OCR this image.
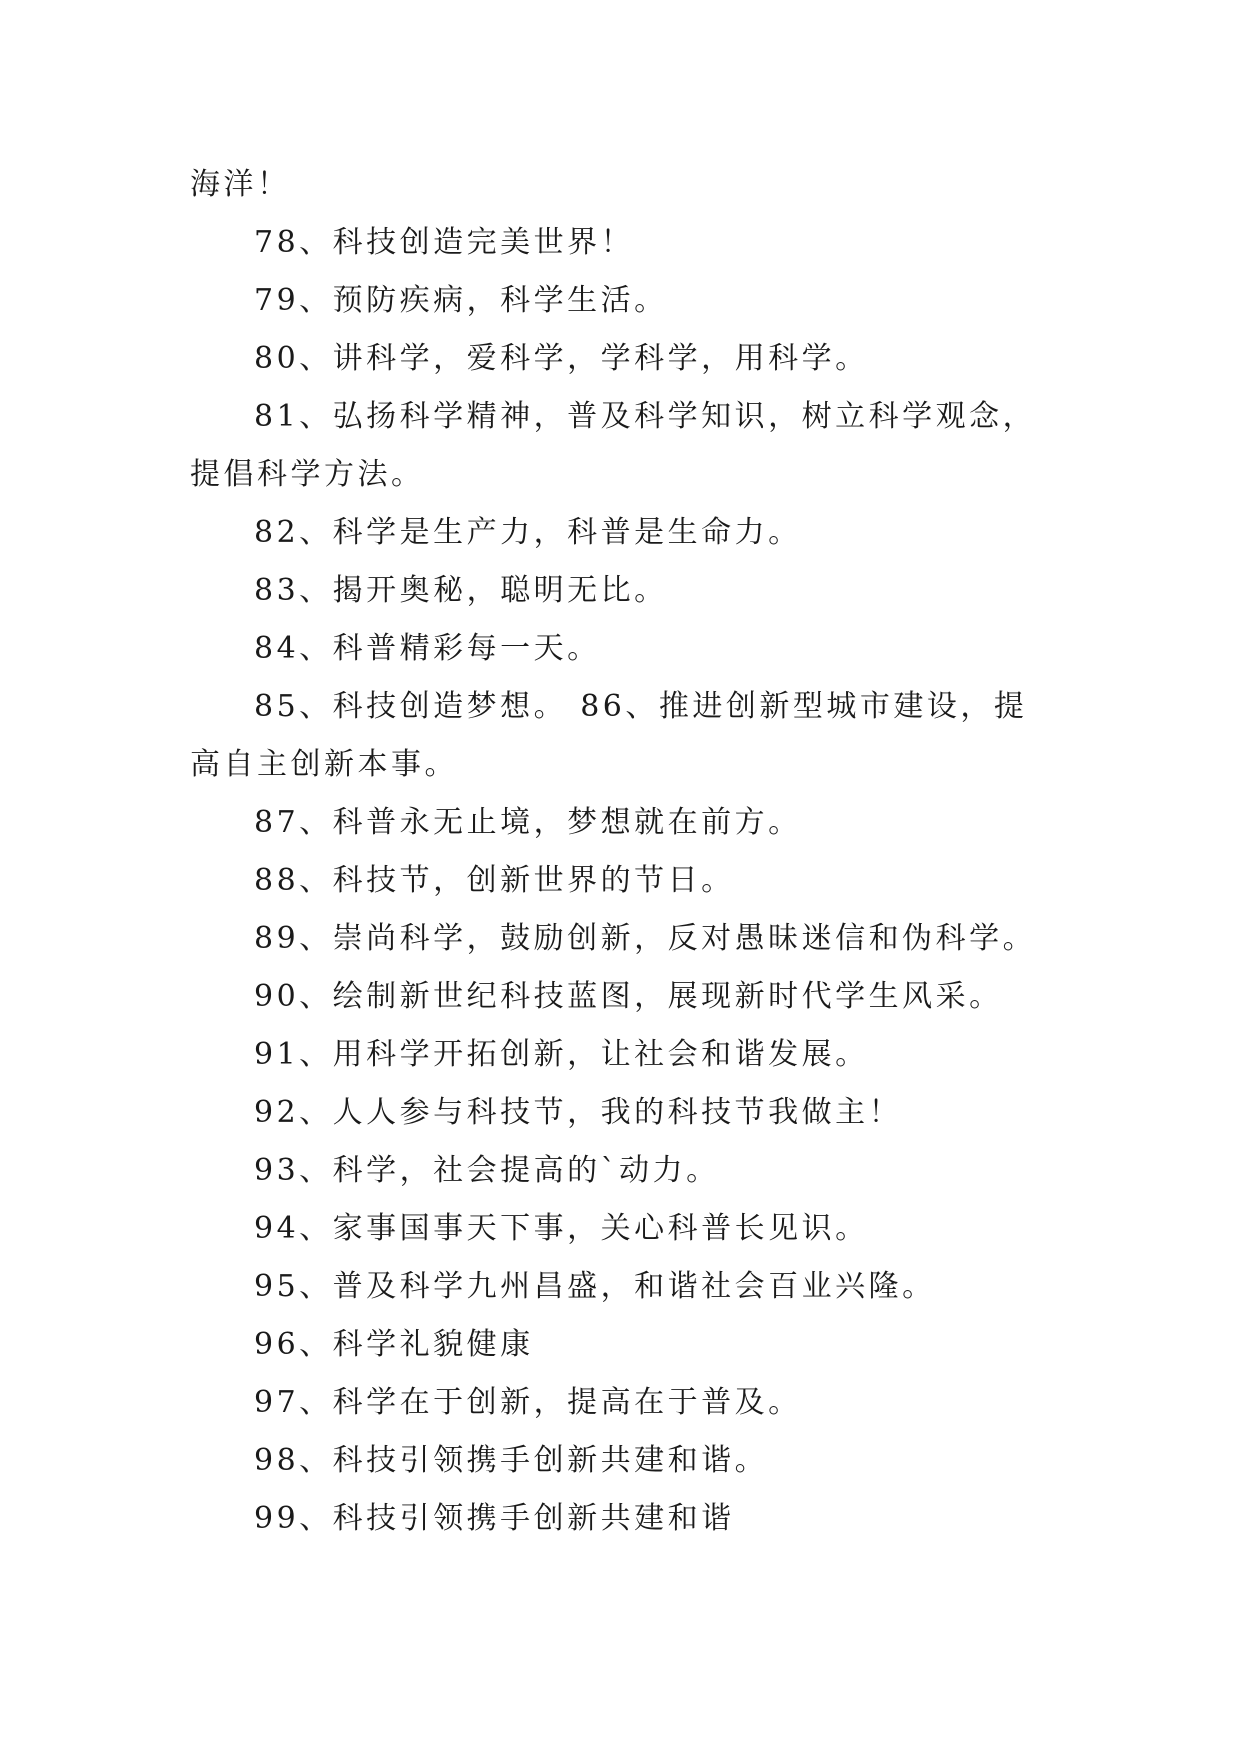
海洋！

78、科技创造完美世界！

79、预防疾病，科学生活。

80、讲科学，爱科学，学科学，用科学。

81、弘扬科学精神，普及科学知识，树立科学观念，提倡科学方法。

82、科学是生产力，科普是生命力。

83、揭开奥秘，聪明无比。

84、科普精彩每一天。

85、科技创造梦想。 86、推进创新型城市建设，提高自主创新本事。

87、科普永无止境，梦想就在前方。

88、科技节，创新世界的节日。

89、崇尚科学，鼓励创新，反对愚昧迷信和伪科学。

90、绘制新世纪科技蓝图，展现新时代学生风采。

91、用科学开拓创新，让社会和谐发展。

92、人人参与科技节，我的科技节我做主！

93、科学，社会提高的`动力。

94、家事国事天下事，关心科普长见识。

95、普及科学九州昌盛，和谐社会百业兴隆。

96、科学礼貌健康

97、科学在于创新，提高在于普及。

98、科技引领携手创新共建和谐。

99、科技引领携手创新共建和谐
